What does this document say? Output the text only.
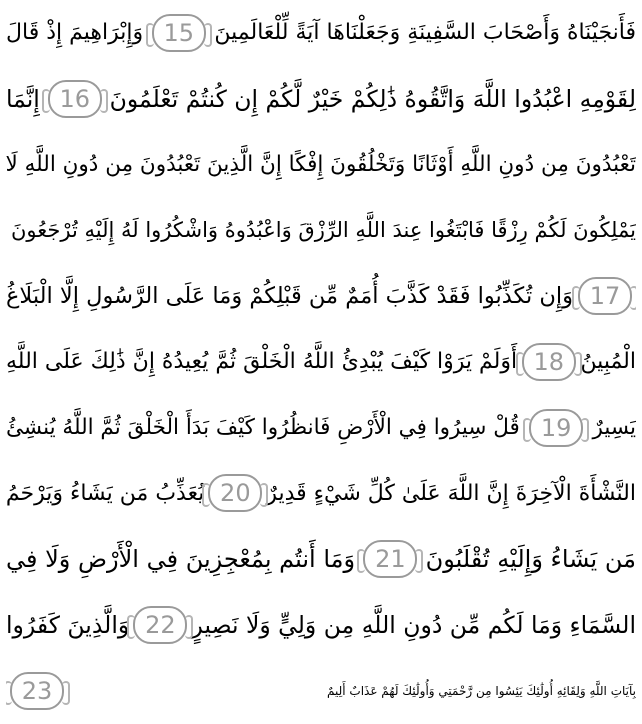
فَأَنجَيْنَاهُ وَأَصْحَابَ السَّفِينَةِ وَجَعَلْنَاهَا آيَةً لِّلْعَالَمِينَ
15
وَإِبْرَاهِيمَ إِذْ قَالَ
لِقَوْمِهِ اعْبُدُوا اللَّهَ وَاتَّقُوهُ ذَٰلِكُمْ خَيْرٌ لَّكُمْ إِن كُنتُمْ تَعْلَمُونَ
16
إِنَّمَا
تَعْبُدُونَ مِن دُونِ اللَّهِ أَوْثَانًا وَتَخْلُقُونَ إِفْكًا إِنَّ الَّذِينَ تَعْبُدُونَ مِن دُونِ اللَّهِ لَا
يَمْلِكُونَ لَكُمْ رِزْقًا فَابْتَغُوا عِندَ اللَّهِ الرِّزْقَ وَاعْبُدُوهُ وَاشْكُرُوا لَهُ إِلَيْهِ تُرْجَعُونَ
17
وَإِن تُكَذِّبُوا فَقَدْ كَذَّبَ أُمَمٌ مِّن قَبْلِكُمْ وَمَا عَلَى الرَّسُولِ إِلَّا الْبَلَاغُ
الْمُبِينُ
18
أَوَلَمْ يَرَوْا كَيْفَ يُبْدِئُ اللَّهُ الْخَلْقَ ثُمَّ يُعِيدُهُ إِنَّ ذَٰلِكَ عَلَى اللَّهِ
يَسِيرٌ
19
قُلْ سِيرُوا فِي الْأَرْضِ فَانظُرُوا كَيْفَ بَدَأَ الْخَلْقَ ثُمَّ اللَّهُ يُنشِئُ
النَّشْأَةَ الْآخِرَةَ إِنَّ اللَّهَ عَلَىٰ كُلِّ شَيْءٍ قَدِيرٌ
20
يُعَذِّبُ مَن يَشَاءُ وَيَرْحَمُ
مَن يَشَاءُ وَإِلَيْهِ تُقْلَبُونَ
21
وَمَا أَنتُم بِمُعْجِزِينَ فِي الْأَرْضِ وَلَا فِي
السَّمَاءِ وَمَا لَكُم مِّن دُونِ اللَّهِ مِن وَلِيٍّ وَلَا نَصِيرٍ
22
وَالَّذِينَ كَفَرُوا
بِآيَاتِ اللَّهِ وَلِقَائِهِ أُولَٰئِكَ يَئِسُوا مِن رَّحْمَتِي وَأُولَٰئِكَ لَهُمْ عَذَابٌ أَلِيمٌ
23
